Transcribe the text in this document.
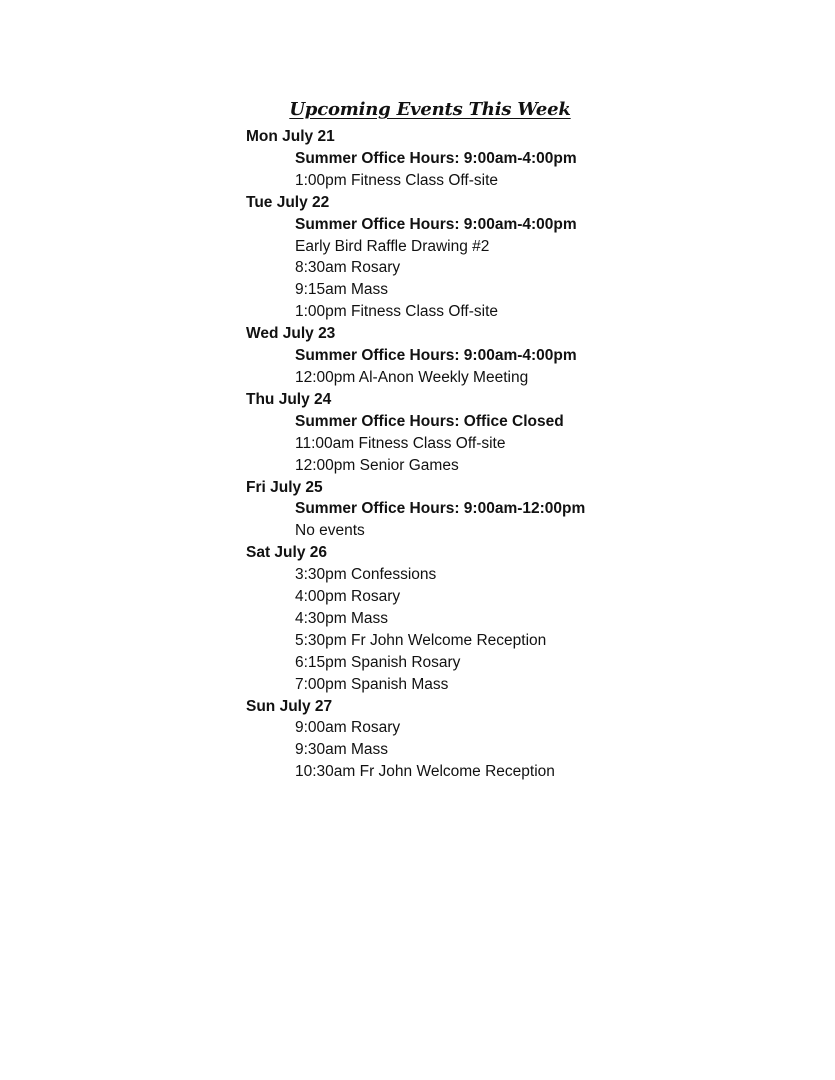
Upcoming Events This Week
Mon July 21
Summer Office Hours: 9:00am-4:00pm
1:00pm Fitness Class Off-site
Tue July 22
Summer Office Hours: 9:00am-4:00pm
Early Bird Raffle Drawing #2
8:30am Rosary
9:15am Mass
1:00pm Fitness Class Off-site
Wed July 23
Summer Office Hours: 9:00am-4:00pm
12:00pm Al-Anon Weekly Meeting
Thu July 24
Summer Office Hours: Office Closed
11:00am Fitness Class Off-site
12:00pm Senior Games
Fri July 25
Summer Office Hours: 9:00am-12:00pm
No events
Sat July 26
3:30pm Confessions
4:00pm Rosary
4:30pm Mass
5:30pm Fr John Welcome Reception
6:15pm Spanish Rosary
7:00pm Spanish Mass
Sun July 27
9:00am Rosary
9:30am Mass
10:30am Fr John Welcome Reception
